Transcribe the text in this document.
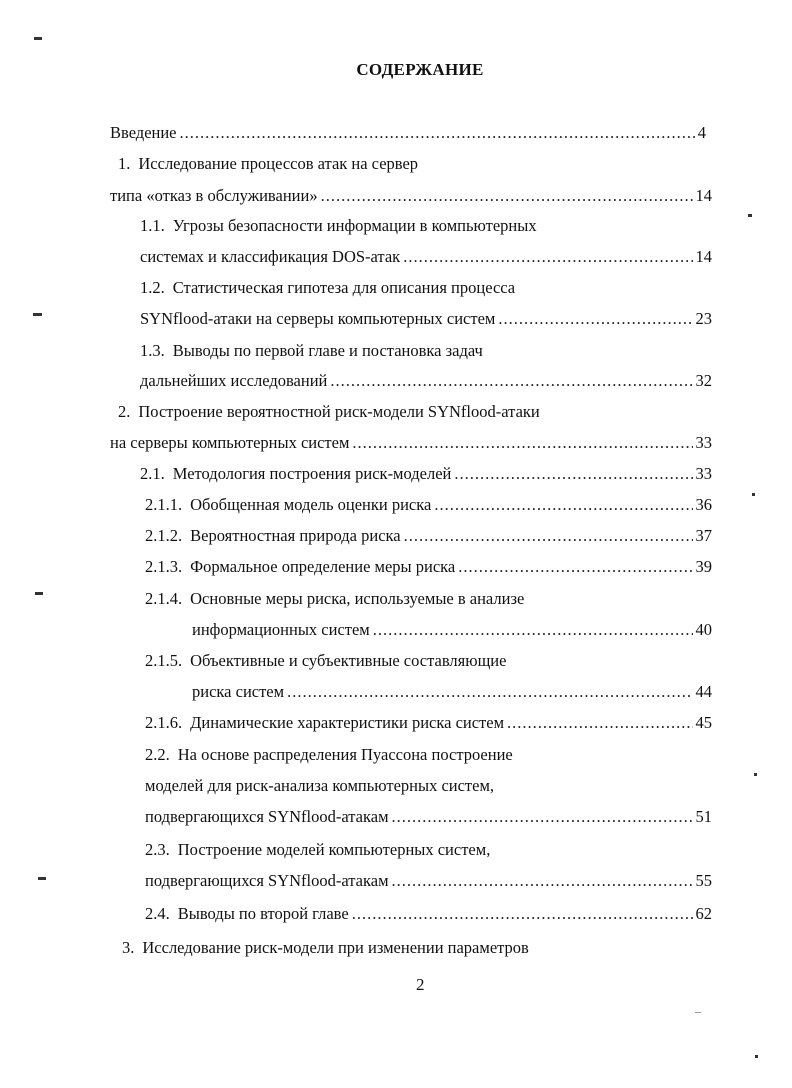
СОДЕРЖАНИЕ
Введение .....	4
1. Исследование процессов атак на сервер
типа «отказ в обслуживании» .....	14
1.1. Угрозы безопасности информации в компьютерных
системах и классификация DOS-атак .....	14
1.2. Статистическая гипотеза для описания процесса
SYNflood-атаки на серверы компьютерных систем .....	23
1.3. Выводы по первой главе и постановка задач
дальнейших исследований .....	32
2. Построение вероятностной риск-модели SYNflood-атаки
на серверы компьютерных систем .....	33
2.1. Методология построения риск-моделей .....	33
2.1.1. Обобщенная модель оценки риска .....	36
2.1.2. Вероятностная природа риска .....	37
2.1.3. Формальное определение меры риска .....	39
2.1.4. Основные меры риска, используемые в анализе
информационных систем .....	40
2.1.5. Объективные и субъективные составляющие
риска систем .....	44
2.1.6. Динамические характеристики риска систем .....	45
2.2. На основе распределения Пуассона построение
моделей для риск-анализа компьютерных систем,
подвергающихся SYNflood-атакам .....	51
2.3. Построение моделей компьютерных систем,
подвергающихся SYNflood-атакам .....	55
2.4. Выводы по второй главе .....	62
3. Исследование риск-модели при изменении параметров
2
